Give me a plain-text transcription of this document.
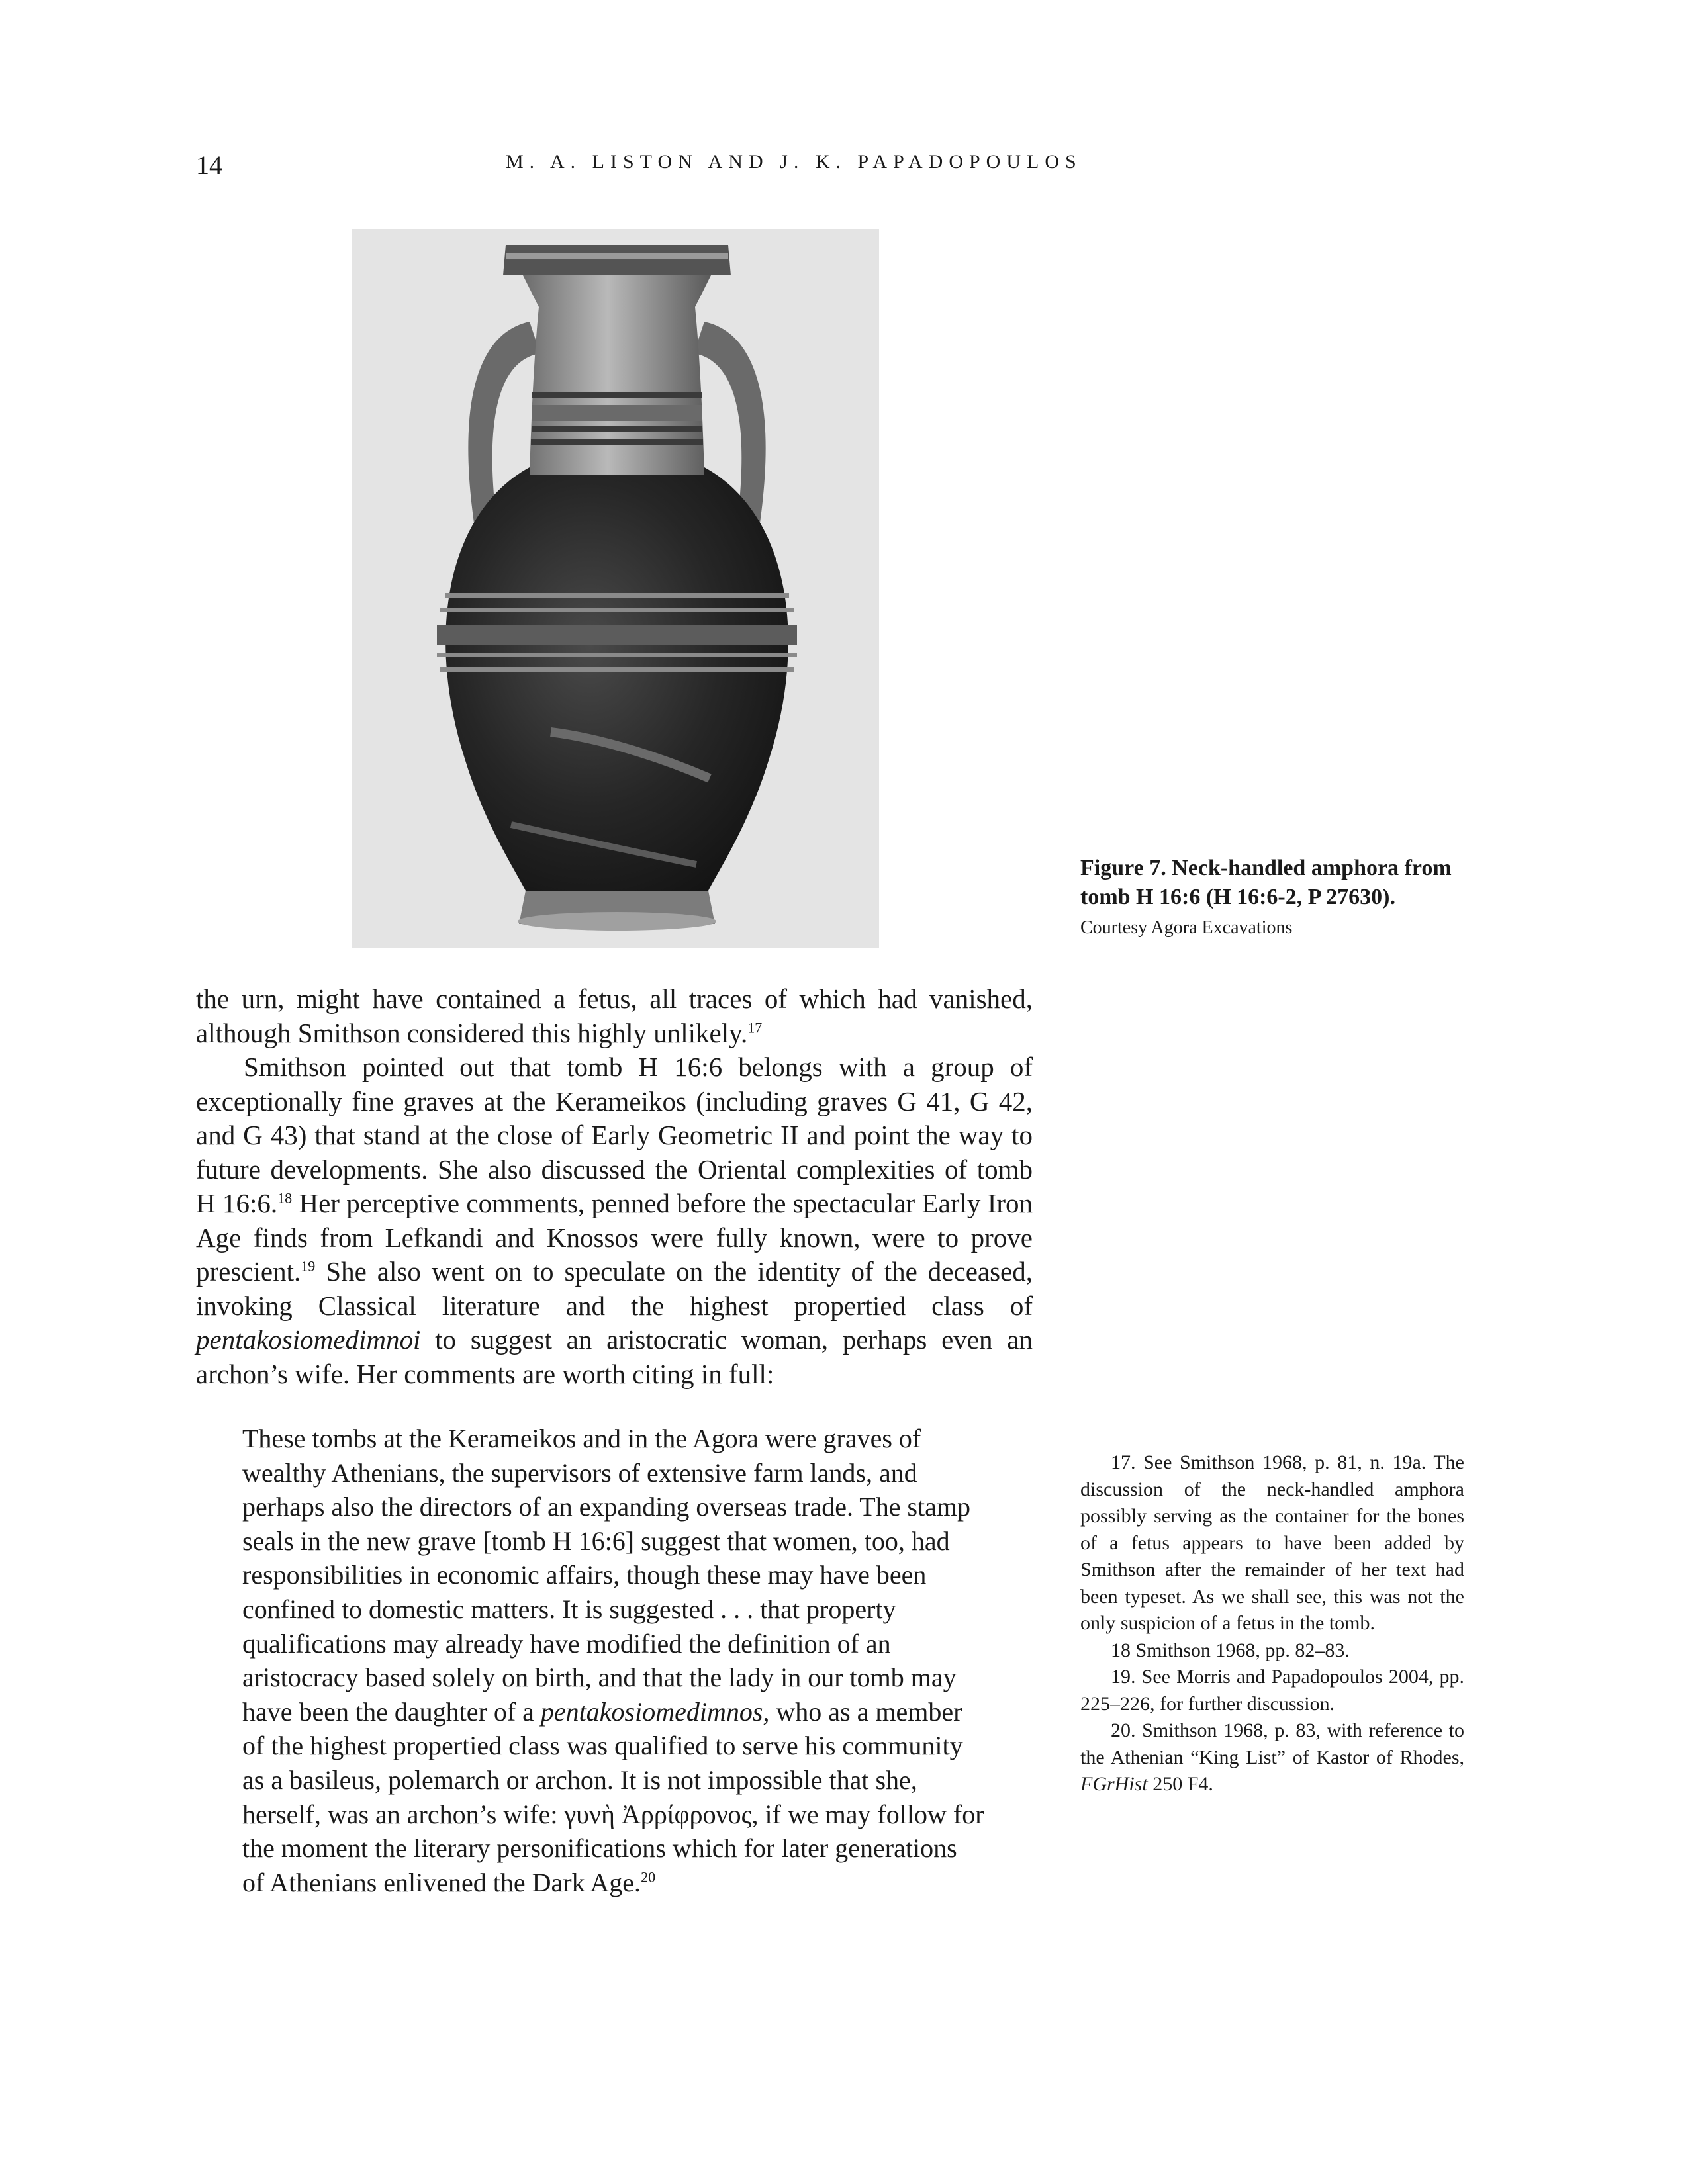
14	M. A. LISTON AND J. K. PAPADOPOULOS
Figure 7. Neck-handled amphora from tomb H 16:6 (H 16:6-2, P 27630). Courtesy Agora Excavations

the urn, might have contained a fetus, all traces of which had vanished, although Smithson considered this highly unlikely.$^{17}$

Smithson pointed out that tomb H 16:6 belongs with a group of exceptionally fine graves at the Kerameikos (including graves G 41, G 42, and G 43) that stand at the close of Early Geometric II and point the way to future developments. She also discussed the Oriental complexities of tomb H 16:6.18 Her perceptive comments, penned before the spectacular Early Iron Age finds from Lefkandi and Knossos were fully known, were to prove prescient.$^{19}$ She also went on to speculate on the identity of the deceased, invoking Classical literature and the highest propertied class of pentakosiomedimnoi to suggest an aristocratic woman, perhaps even an archon’s wife. Her comments are worth citing in full:

These tombs at the Kerameikos and in the Agora were graves of
wealthy Athenians, the supervisors of extensive farm lands, and
perhaps also the directors of an expanding overseas trade. The stamp
seals in the new grave [tomb H 16:6] suggest that women, too, had
responsibilities in economic affairs, though these may have been
confined to domestic matters. It is suggested . . . that property
qualifications may already have modified the definition of an
aristocracy based solely on birth, and that the lady in our tomb may
have been the daughter of a pentakosiomedimnos, who as a member
of the highest propertied class was qualified to serve his community
as a basileus, polemarch or archon. It is not impossible that she,
herself, was an archon’s wife: γυνὴ Ἀρρίφρονος, if we may follow for
the moment the literary personifications which for later generations
of Athenians enlivened the Dark Age.$^{20}$
17. See Smithson 1968, p. 81, n. 19a. The discussion of the neck-handled amphora possibly serving as the container for the bones of a fetus appears to have been added by Smithson after the remainder of her text had been typeset. As we shall see, this was not the only suspicion of a fetus in the tomb.
18 Smithson 1968, pp. 82–83.
19. See Morris and Papadopoulos 2004, pp. 225–226, for further discussion.
20. Smithson 1968, p. 83, with reference to the Athenian “King List” of Kastor of Rhodes, FGrHist 250 F4.
